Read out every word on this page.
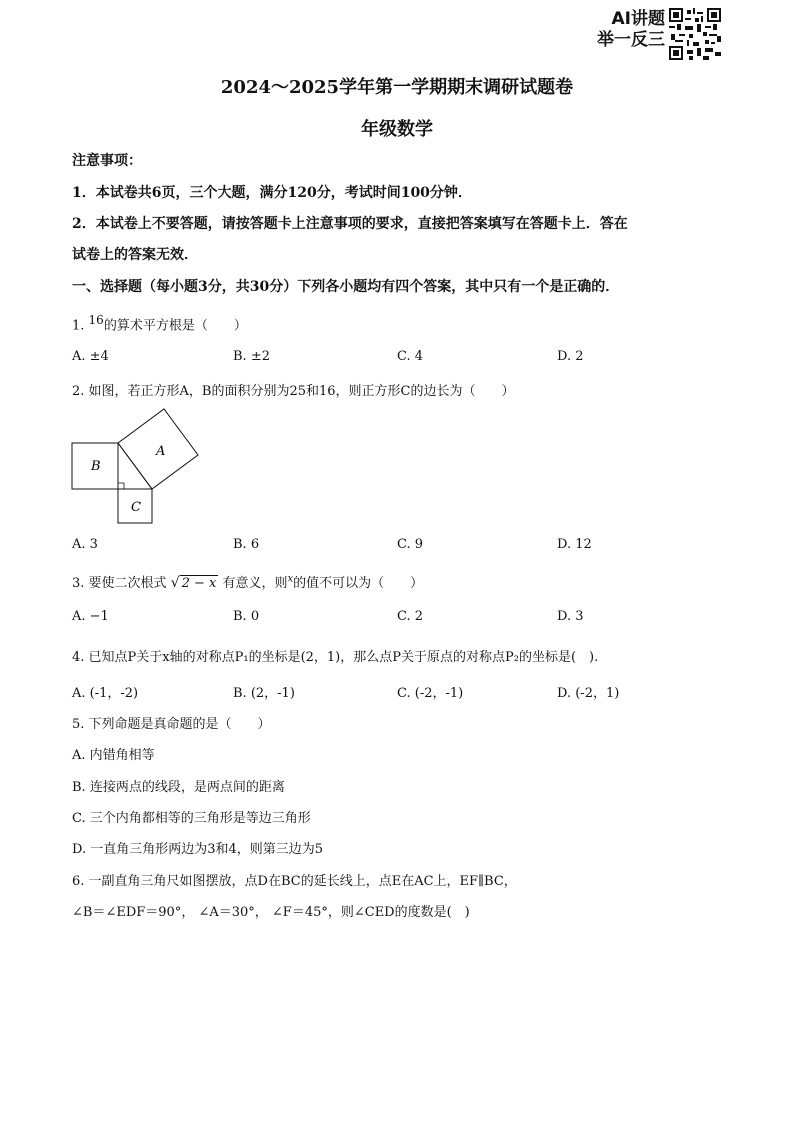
AI讲题
举一反三
2024～2025学年第一学期期末调研试题卷
年级数学
注意事项：
1．本试卷共6页，三个大题，满分120分，考试时间100分钟．
2．本试卷上不要答题，请按答题卡上注意事项的要求，直接把答案填写在答题卡上．答在
试卷上的答案无效．
一、选择题（每小题3分，共30分）下列各小题均有四个答案，其中只有一个是正确的．
1. $^{16}$的算术平方根是（　　）
A. ±4	B. ±2	C. 4	D. 2
2. 如图，若正方形A，B的面积分别为25和16，则正方形C的边长为（　　）
A
B
C
A. 3	B. 6	C. 9	D. 12
3. 要使二次根式 √ 2 − x 有意义，则$^x$的值不可以为（　　）
A. −1	B. 0	C. 2	D. 3
4. 已知点P关于x轴的对称点P₁的坐标是(2，1)，那么点P关于原点的对称点P₂的坐标是(　).
A. (-1，-2)	B. (2，-1)	C. (-2，-1)	D. (-2，1)
5. 下列命题是真命题的是（　　）
A. 内错角相等
B. 连接两点的线段，是两点间的距离
C. 三个内角都相等的三角形是等边三角形
D. 一直角三角形两边为3和4，则第三边为5
6. 一副直角三角尺如图摆放，点D在BC的延长线上，点E在AC上，EF∥BC，
∠B＝∠EDF＝90°， ∠A＝30°， ∠F＝45°，则∠CED的度数是(　)
